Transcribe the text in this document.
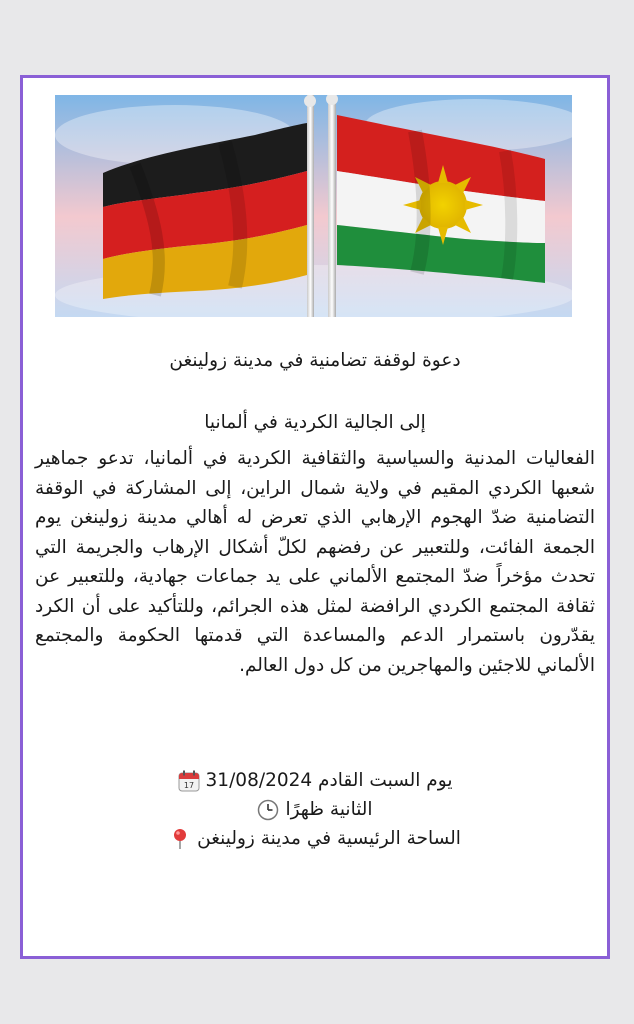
دعوة لوقفة تضامنية في مدينة زولينغن
إلى الجالية الكردية في ألمانيا
الفعاليات المدنية والسياسية والثقافية الكردية في ألمانيا، تدعو جماهير شعبها الكردي المقيم في ولاية شمال الراين، إلى المشاركة في الوقفة التضامنية ضدّ الهجوم الإرهابي الذي تعرض له أهالي مدينة زولينغن يوم الجمعة الفائت، وللتعبير عن رفضهم لكلّ أشكال الإرهاب والجريمة التي تحدث مؤخراً ضدّ المجتمع الألماني على يد جماعات جهادية، وللتعبير عن ثقافة المجتمع الكردي الرافضة لمثل هذه الجرائم، وللتأكيد على أن الكرد يقدّرون باستمرار الدعم والمساعدة التي قدمتها الحكومة والمجتمع الألماني للاجئين والمهاجرين من كل دول العالم.
يوم السبت القادم 31/08/2024
17
الثانية ظهرًا
الساحة الرئيسية في مدينة زولينغن
